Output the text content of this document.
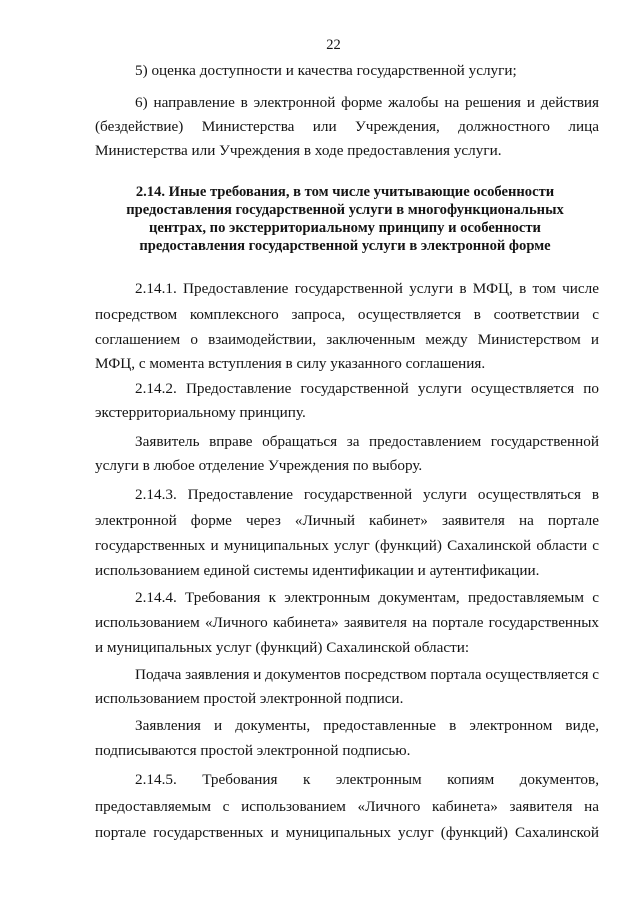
22
5) оценка доступности и качества государственной услуги;
6) направление в электронной форме жалобы на решения и действия
(бездействие) Министерства или Учреждения, должностного лица
Министерства или Учреждения в ходе предоставления услуги.
2.14. Иные требования, в том числе учитывающие особенности
предоставления государственной услуги в многофункциональных
центрах, по экстерриториальному принципу и особенности
предоставления государственной услуги в электронной форме
2.14.1. Предоставление государственной услуги в МФЦ, в том числе
посредством комплексного запроса, осуществляется в соответствии с
соглашением о взаимодействии, заключенным между Министерством и
МФЦ, с момента вступления в силу указанного соглашения.
2.14.2. Предоставление государственной услуги осуществляется по
экстерриториальному принципу.
Заявитель вправе обращаться за предоставлением государственной
услуги в любое отделение Учреждения по выбору.
2.14.3. Предоставление государственной услуги осуществляться в
электронной форме через «Личный кабинет» заявителя на портале
государственных и муниципальных услуг (функций) Сахалинской области с
использованием единой системы идентификации и аутентификации.
2.14.4. Требования к электронным документам, предоставляемым с
использованием «Личного кабинета» заявителя на портале государственных
и муниципальных услуг (функций) Сахалинской области:
Подача заявления и документов посредством портала осуществляется с
использованием простой электронной подписи.
Заявления и документы, предоставленные в электронном виде,
подписываются простой электронной подписью.
2.14.5. Требования к электронным копиям документов,
предоставляемым с использованием «Личного кабинета» заявителя на
портале государственных и муниципальных услуг (функций) Сахалинской
